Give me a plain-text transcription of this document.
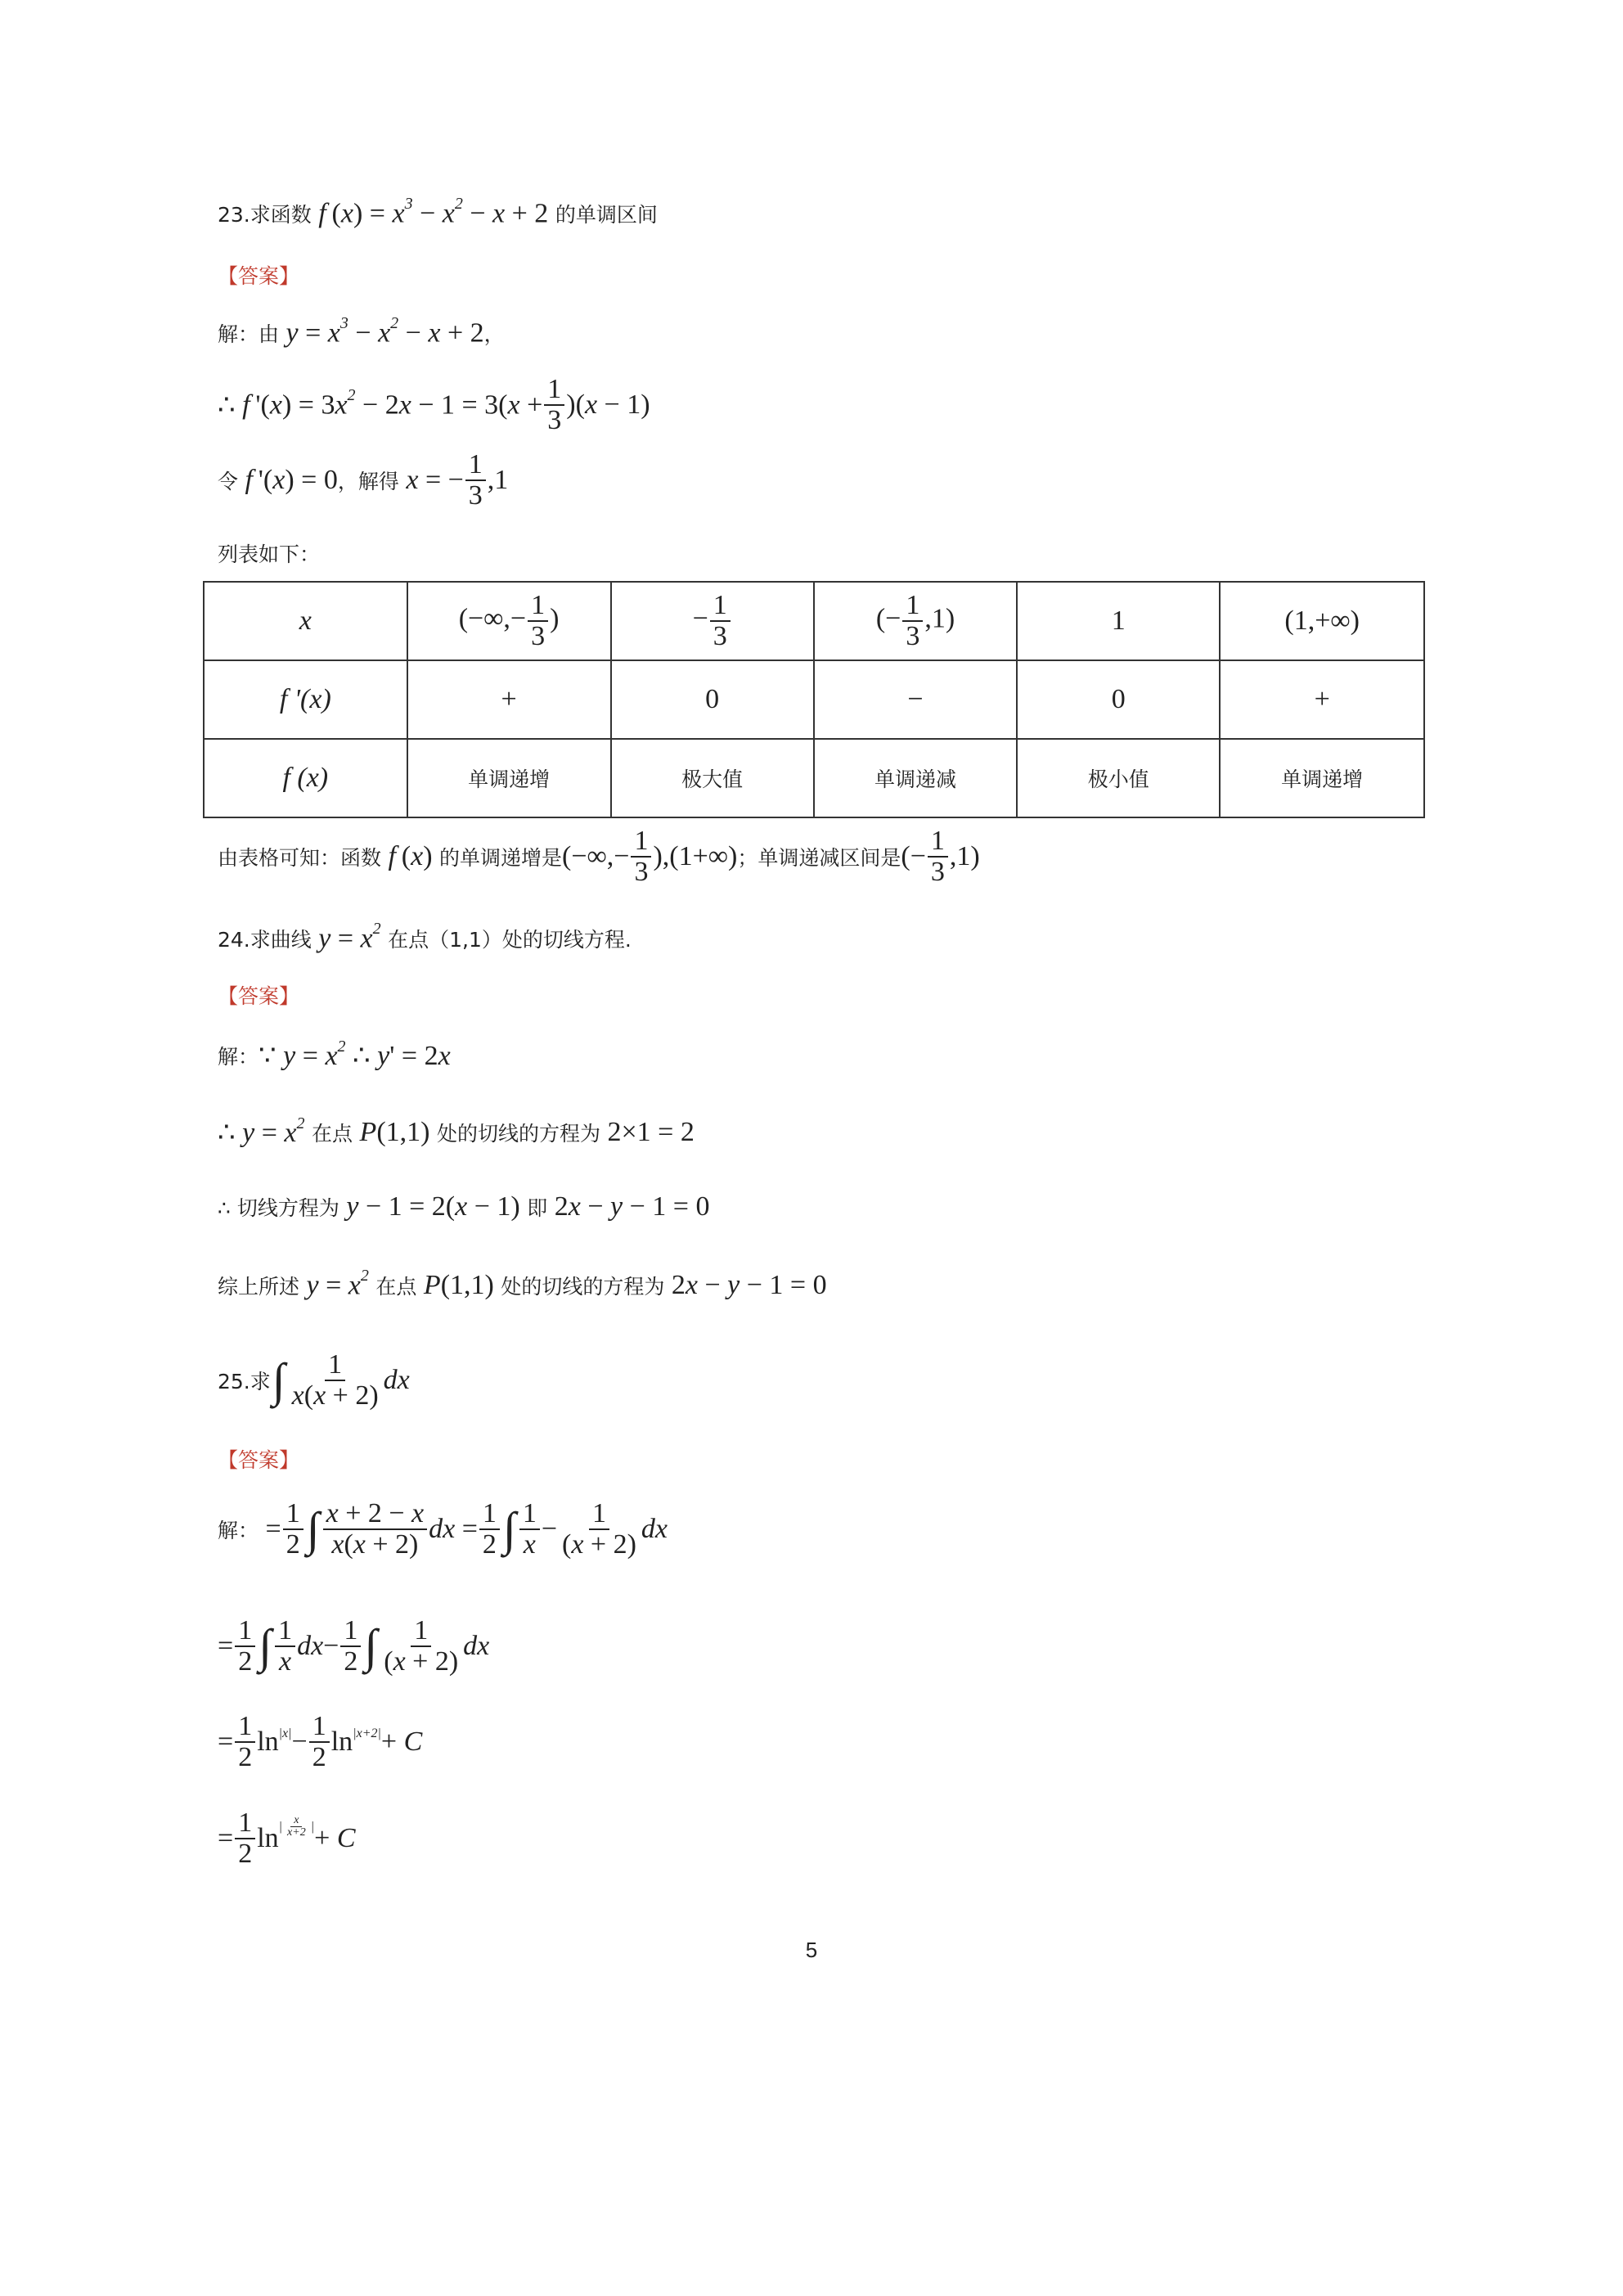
23.求函数 f $(x) = x^3 - x^2 - x + 2$ 的单调区间
【答案】
解：由 $y = x^3 - x^2 - x + 2$ ，
∴ f '$(x) = 3x^2 - 2x - 1 = 3(x + \frac{1}{3} )(x - 1)$
令 f '(x) = 0 ，解得 x = − $\frac{1}{3} ,1$
列表如下：
x	(−∞,− $\frac{1}{3}$ )	− $\frac{1}{3}$	(− $\frac{1}{3} ,1$)	1	(1,+∞)
f '(x)	+	0	−	0	+
f (x)	单调递增	极大值	单调递减	极小值	单调递增
由表格可知：函数 f (x) 的单调递增是 (−∞,− $\frac{1}{3} ),(1+\infty)$ ；单调递减区间是 (− $\frac{1}{3} ,1$)
24.求曲线 $y = x^2$ 在点（1,1）处的切线方程.
【答案】
解： ∵ $y = x^2$ ∴ y' = 2x
∴ $y = x^2$ 在点 P(1,1) 处的切线的方程为 2×1 = 2
∴ 切线方程为 y − 1 = 2(x − 1) 即 2x − y − 1 = 0
综上所述 $y = x^2$ 在点 P(1,1) 处的切线的方程为 2x − y − 1 = 0
25.求 ∫ $\frac{1}{x(x + 2)}$ dx
【答案】
解： = $\frac{1}{2}$ ∫ $\frac{x + 2 - x}{x(x + 2)}$ dx = $\frac{1}{2}$ ∫ $\frac{1}{x} - \frac{1}{(x + 2)}$ dx
= $\frac{1}{2}$ ∫ $\frac{1}{x}$ dx − $\frac{1}{2}$ ∫ $\frac{1}{(x + 2)}$ dx
= $\frac{1}{2}$ $\ln |x| - \frac{1}{2}$ ln |x+2| + C
= $\frac{1}{2}$ ln | $\frac{x}{x+2}$ | + C
5
